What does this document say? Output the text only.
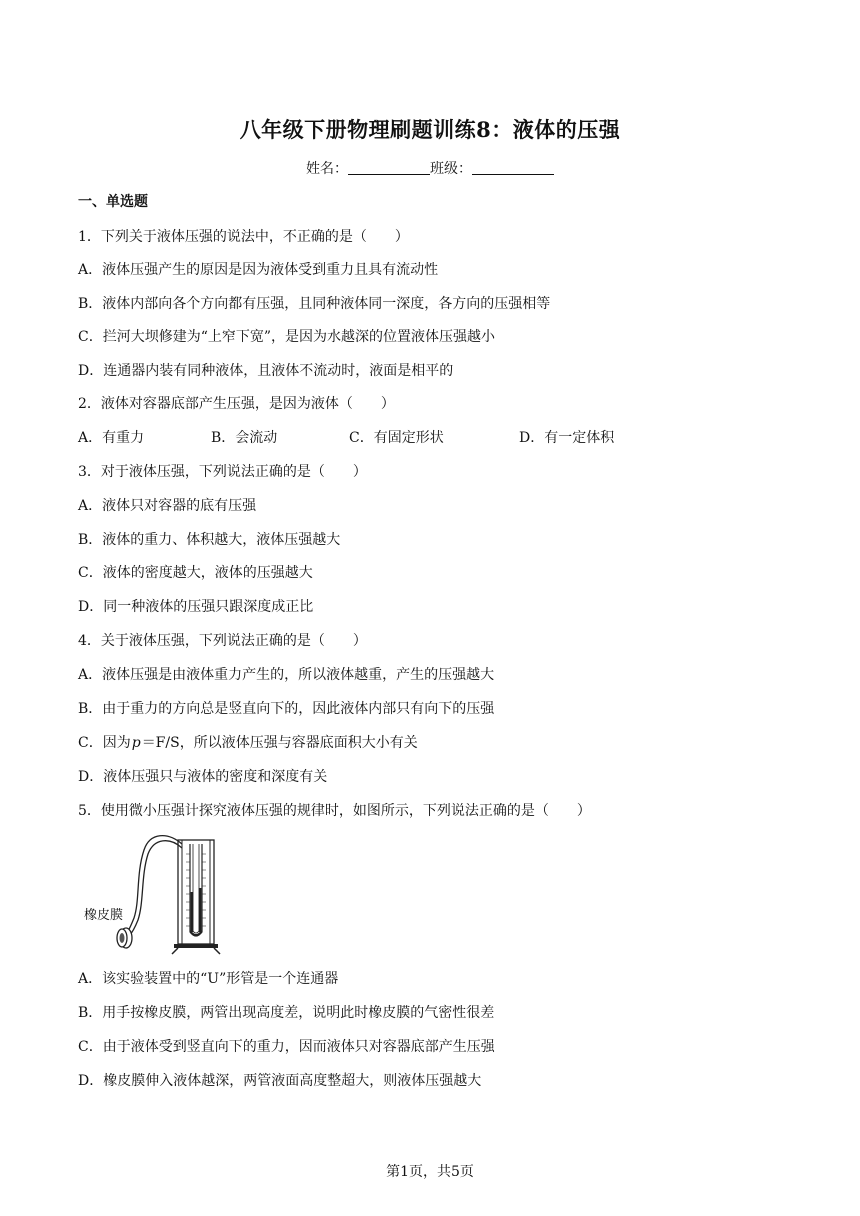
八年级下册物理刷题训练8：液体的压强
姓名：	班级：
一、单选题
1．下列关于液体压强的说法中，不正确的是（　　）
A．液体压强产生的原因是因为液体受到重力且具有流动性
B．液体内部向各个方向都有压强，且同种液体同一深度，各方向的压强相等
C．拦河大坝修建为“上窄下宽”，是因为水越深的位置液体压强越小
D．连通器内装有同种液体，且液体不流动时，液面是相平的
2．液体对容器底部产生压强，是因为液体（　　）
A．有重力	B．会流动	C．有固定形状	D．有一定体积
3．对于液体压强，下列说法正确的是（　　）
A．液体只对容器的底有压强
B．液体的重力、体积越大，液体压强越大
C．液体的密度越大，液体的压强越大
D．同一种液体的压强只跟深度成正比
4．关于液体压强，下列说法正确的是（　　）
A．液体压强是由液体重力产生的，所以液体越重，产生的压强越大
B．由于重力的方向总是竖直向下的，因此液体内部只有向下的压强
C．因为p＝F/S，所以液体压强与容器底面积大小有关
D．液体压强只与液体的密度和深度有关
5．使用微小压强计探究液体压强的规律时，如图所示，下列说法正确的是（　　）
橡皮膜
A．该实验装置中的“U”形管是一个连通器
B．用手按橡皮膜，两管出现高度差，说明此时橡皮膜的气密性很差
C．由于液体受到竖直向下的重力，因而液体只对容器底部产生压强
D．橡皮膜伸入液体越深，两管液面高度整超大，则液体压强越大
第1页，共5页
